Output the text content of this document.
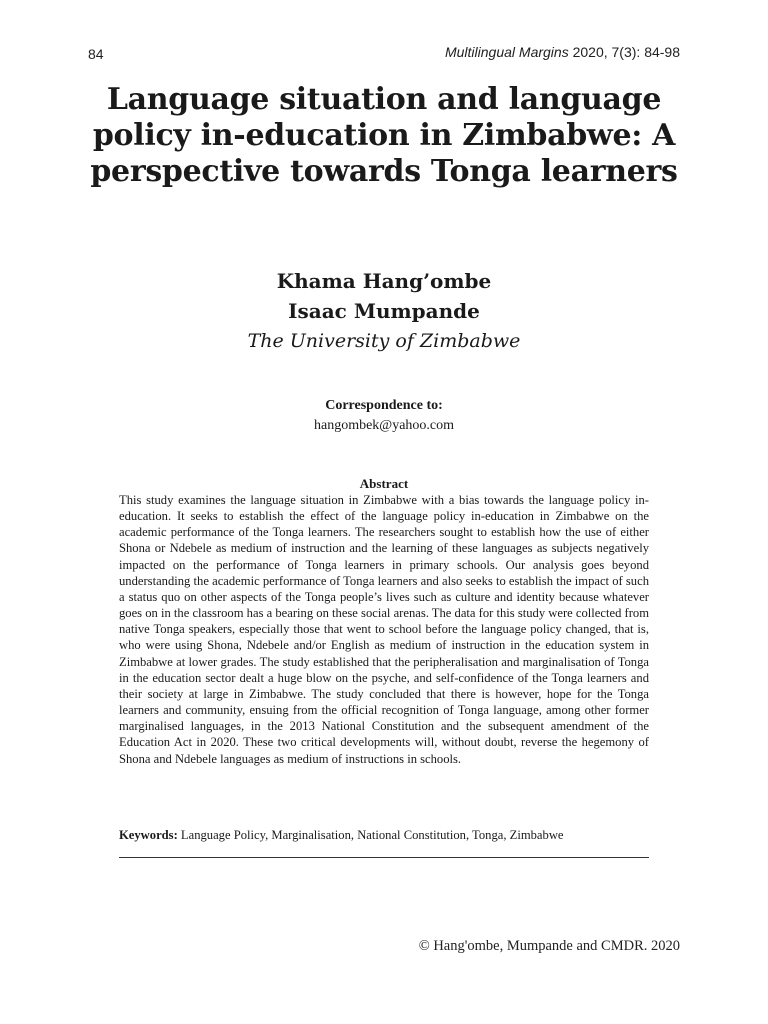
84	Multilingual Margins 2020, 7(3): 84-98
Language situation and language policy in-education in Zimbabwe: A perspective towards Tonga learners
Khama Hang’ombe
Isaac Mumpande
The University of Zimbabwe
Correspondence to:
hangombek@yahoo.com
Abstract

This study examines the language situation in Zimbabwe with a bias towards the language policy in-education. It seeks to establish the effect of the language policy in-education in Zimbabwe on the academic performance of the Tonga learners. The researchers sought to establish how the use of either Shona or Ndebele as medium of instruction and the learning of these languages as subjects negatively impacted on the performance of Tonga learners in primary schools. Our analysis goes beyond understanding the academic performance of Tonga learners and also seeks to establish the impact of such a status quo on other aspects of the Tonga people’s lives such as culture and identity because whatever goes on in the classroom has a bearing on these social arenas. The data for this study were collected from native Tonga speakers, especially those that went to school before the language policy changed, that is, who were using Shona, Ndebele and/or English as medium of instruction in the education system in Zimbabwe at lower grades. The study established that the peripheralisation and marginalisation of Tonga in the education sector dealt a huge blow on the psyche, and self-confidence of the Tonga learners and their society at large in Zimbabwe. The study concluded that there is however, hope for the Tonga learners and community, ensuing from the official recognition of Tonga language, among other former marginalised languages, in the 2013 National Constitution and the subsequent amendment of the Education Act in 2020. These two critical developments will, without doubt, reverse the hegemony of Shona and Ndebele languages as medium of instructions in schools.

Keywords: Language Policy, Marginalisation, National Constitution, Tonga, Zimbabwe
© Hang'ombe, Mumpande and CMDR. 2020
